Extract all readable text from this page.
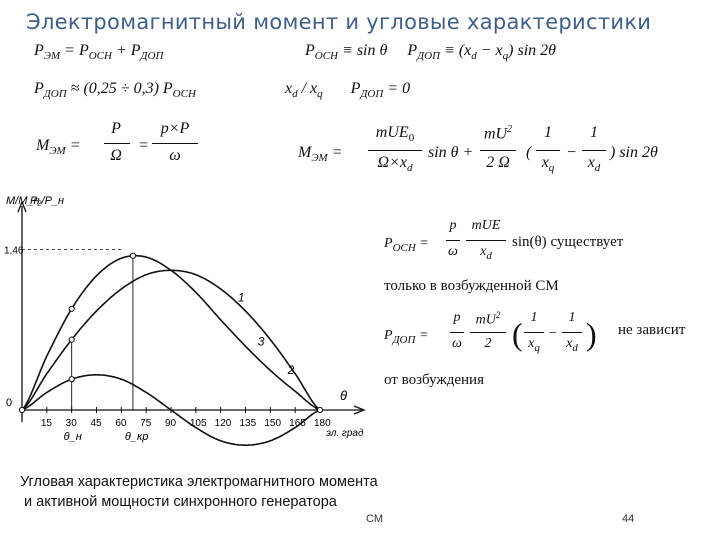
Электромагнитный момент и угловые характеристики
$P_{ЭМ} = P_{ОСН} + P_{ДОП}$	$P_{ОСН} \equiv \sin \theta$     $P_{ДОП} \equiv (x_d - x_q)$ sin 2θ
$P_{ДОП} \approx (0,25 \div 0,3)$ $P_{ОСН}$	$x_d / x_q$       $P_{ДОП} = 0$
$M_{ЭМ}$ =
P
Ω
=
p×P
ω	$M_{ЭМ}$ =
mUE$_0$
$\Omega\times x_d$
sin θ +
$mU^2$
2 Ω
(
1
$x_q$
−
1
$x_d$
) sin 2θ
$P_{ОСН}$ =
p
ω
mUE
$x_d$
sin(θ) существует
только в возбужденной СМ
$P_{ДОП}$ =
p
ω
$mU^2$
2 ( 1
$x_q$
−
1
$x_d$ ) не зависит
от возбуждения
M/M_н
P₂/P_н
1,46
0	θ
эл. град
15 30 45 60 75 90 105 120 135 150 165 180
1
2
3
θ_н	θ_кр
Угловая характеристика электромагнитного момента
и активной мощности синхронного генератора
СМ	44
